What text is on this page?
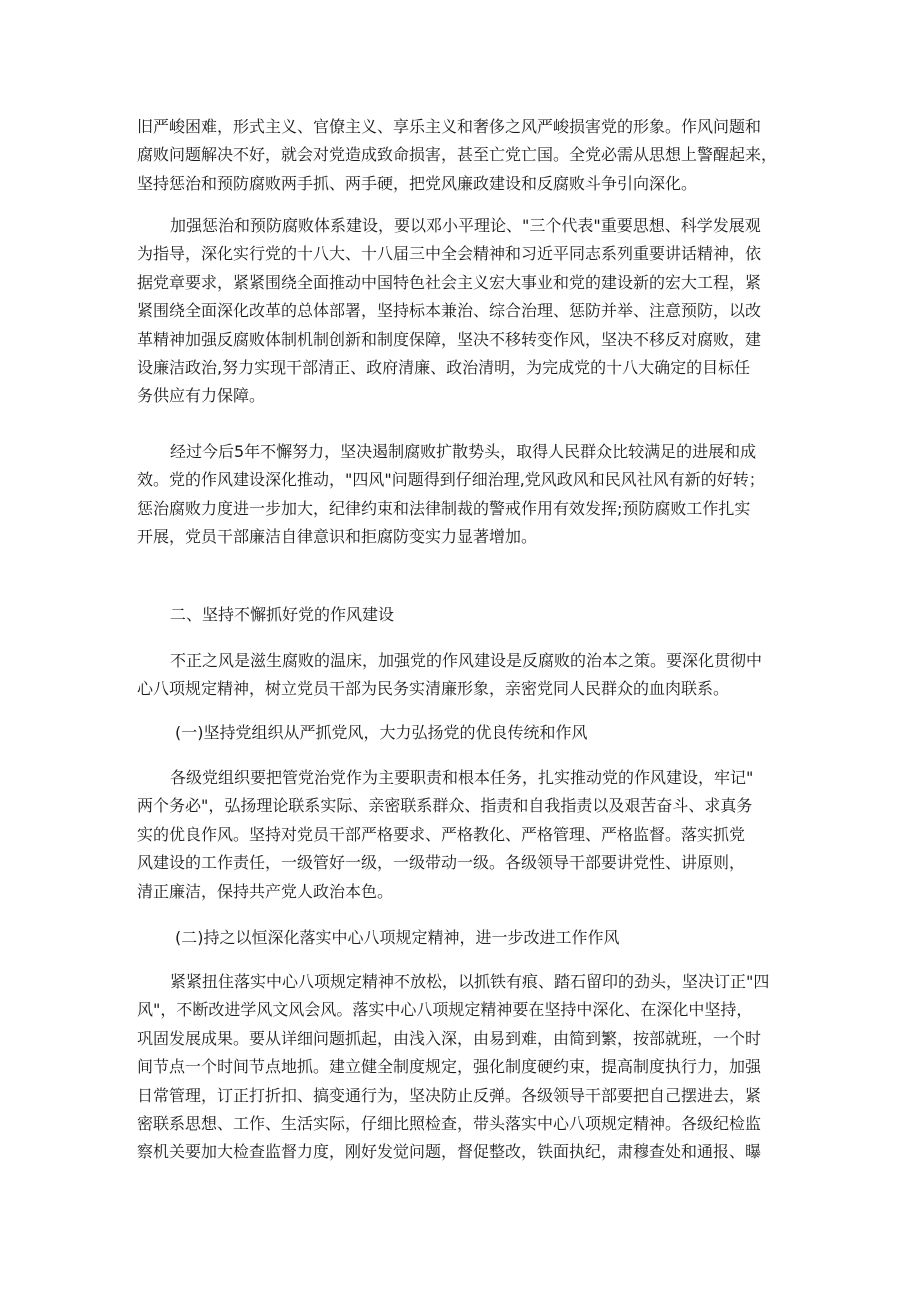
旧严峻困难，形式主义、官僚主义、享乐主义和奢侈之风严峻损害党的形象。作风问题和
腐败问题解决不好，就会对党造成致命损害，甚至亡党亡国。全党必需从思想上警醒起来，
坚持惩治和预防腐败两手抓、两手硬，把党风廉政建设和反腐败斗争引向深化。

加强惩治和预防腐败体系建设，要以邓小平理论、"三个代表"重要思想、科学发展观
为指导，深化实行党的十八大、十八届三中全会精神和习近平同志系列重要讲话精神，依
据党章要求，紧紧围绕全面推动中国特色社会主义宏大事业和党的建设新的宏大工程，紧
紧围绕全面深化改革的总体部署，坚持标本兼治、综合治理、惩防并举、注意预防，以改
革精神加强反腐败体制机制创新和制度保障，坚决不移转变作风，坚决不移反对腐败，建
设廉洁政治,努力实现干部清正、政府清廉、政治清明，为完成党的十八大确定的目标任
务供应有力保障。

经过今后5年不懈努力，坚决遏制腐败扩散势头，取得人民群众比较满足的进展和成
效。党的作风建设深化推动，"四风"问题得到仔细治理,党风政风和民风社风有新的好转；
惩治腐败力度进一步加大，纪律约束和法律制裁的警戒作用有效发挥;预防腐败工作扎实
开展，党员干部廉洁自律意识和拒腐防变实力显著增加。

二、坚持不懈抓好党的作风建设

不正之风是滋生腐败的温床，加强党的作风建设是反腐败的治本之策。要深化贯彻中
心八项规定精神，树立党员干部为民务实清廉形象，亲密党同人民群众的血肉联系。

(一)坚持党组织从严抓党风，大力弘扬党的优良传统和作风

各级党组织要把管党治党作为主要职责和根本任务，扎实推动党的作风建设，牢记"
两个务必"，弘扬理论联系实际、亲密联系群众、指责和自我指责以及艰苦奋斗、求真务
实的优良作风。坚持对党员干部严格要求、严格教化、严格管理、严格监督。落实抓党
风建设的工作责任，一级管好一级，一级带动一级。各级领导干部要讲党性、讲原则，
清正廉洁，保持共产党人政治本色。

(二)持之以恒深化落实中心八项规定精神，进一步改进工作作风

紧紧扭住落实中心八项规定精神不放松，以抓铁有痕、踏石留印的劲头，坚决订正"四
风"，不断改进学风文风会风。落实中心八项规定精神要在坚持中深化、在深化中坚持，
巩固发展成果。要从详细问题抓起，由浅入深，由易到难，由简到繁，按部就班，一个时
间节点一个时间节点地抓。建立健全制度规定，强化制度硬约束，提高制度执行力，加强
日常管理，订正打折扣、搞变通行为，坚决防止反弹。各级领导干部要把自己摆进去，紧
密联系思想、工作、生活实际，仔细比照检查，带头落实中心八项规定精神。各级纪检监
察机关要加大检查监督力度，刚好发觉问题，督促整改，铁面执纪，肃穆查处和通报、曝
